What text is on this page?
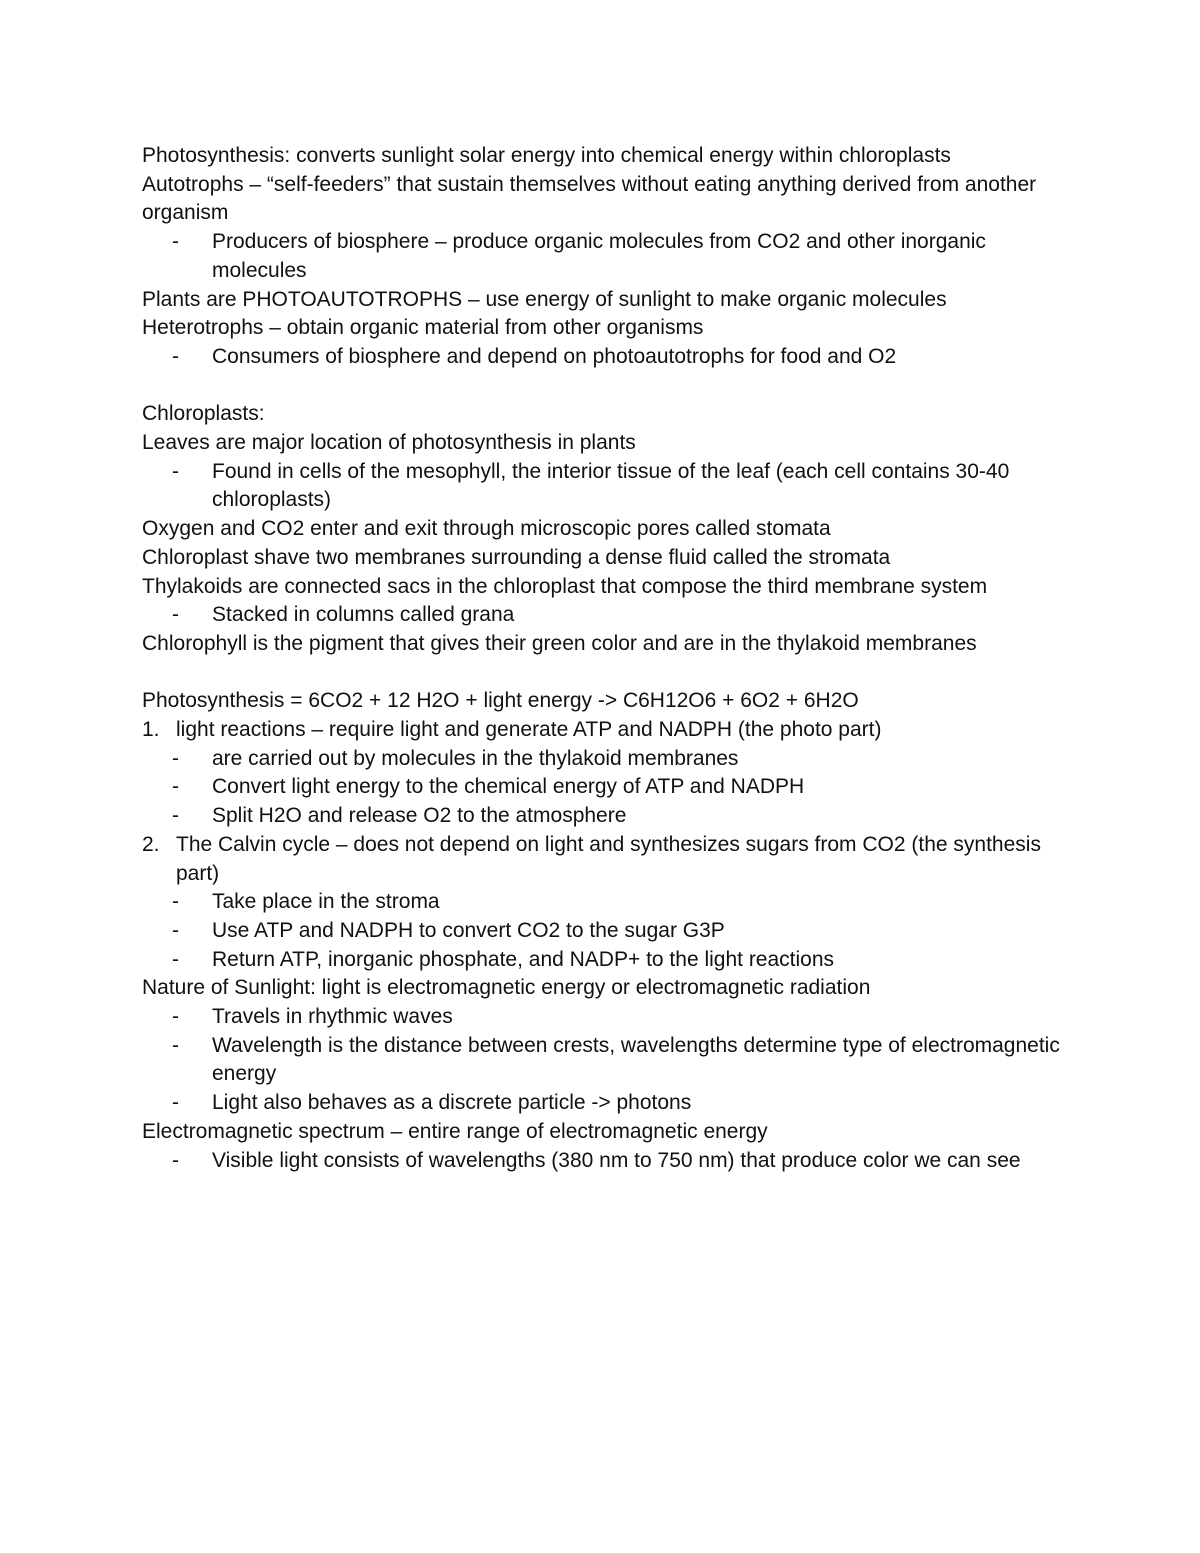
Photosynthesis: converts sunlight solar energy into chemical energy within chloroplasts
Autotrophs – “self-feeders” that sustain themselves without eating anything derived from another organism
-	Producers of biosphere – produce organic molecules from CO2 and other inorganic molecules
Plants are PHOTOAUTOTROPHS – use energy of sunlight to make organic molecules
Heterotrophs – obtain organic material from other organisms
-	Consumers of biosphere and depend on photoautotrophs for food and O2
Chloroplasts:
Leaves are major location of photosynthesis in plants
-	Found in cells of the mesophyll, the interior tissue of the leaf (each cell contains 30-40 chloroplasts)
Oxygen and CO2 enter and exit through microscopic pores called stomata
Chloroplast shave two membranes surrounding a dense fluid called the stromata
Thylakoids are connected sacs in the chloroplast that compose the third membrane system
-	Stacked in columns called grana
Chlorophyll is the pigment that gives their green color and are in the thylakoid membranes
Photosynthesis = 6CO2 + 12 H2O + light energy -> C6H12O6 + 6O2 + 6H2O
1. light reactions – require light and generate ATP and NADPH (the photo part)
-	are carried out by molecules in the thylakoid membranes
-	Convert light energy to the chemical energy of ATP and NADPH
-	Split H2O and release O2 to the atmosphere
2. The Calvin cycle – does not depend on light and synthesizes sugars from CO2 (the synthesis part)
-	Take place in the stroma
-	Use ATP and NADPH to convert CO2 to the sugar G3P
-	Return ATP, inorganic phosphate, and NADP+ to the light reactions
Nature of Sunlight: light is electromagnetic energy or electromagnetic radiation
-	Travels in rhythmic waves
-	Wavelength is the distance between crests, wavelengths determine type of electromagnetic energy
-	Light also behaves as a discrete particle -> photons
Electromagnetic spectrum – entire range of electromagnetic energy
-	Visible light consists of wavelengths (380 nm to 750 nm) that produce color we can see
